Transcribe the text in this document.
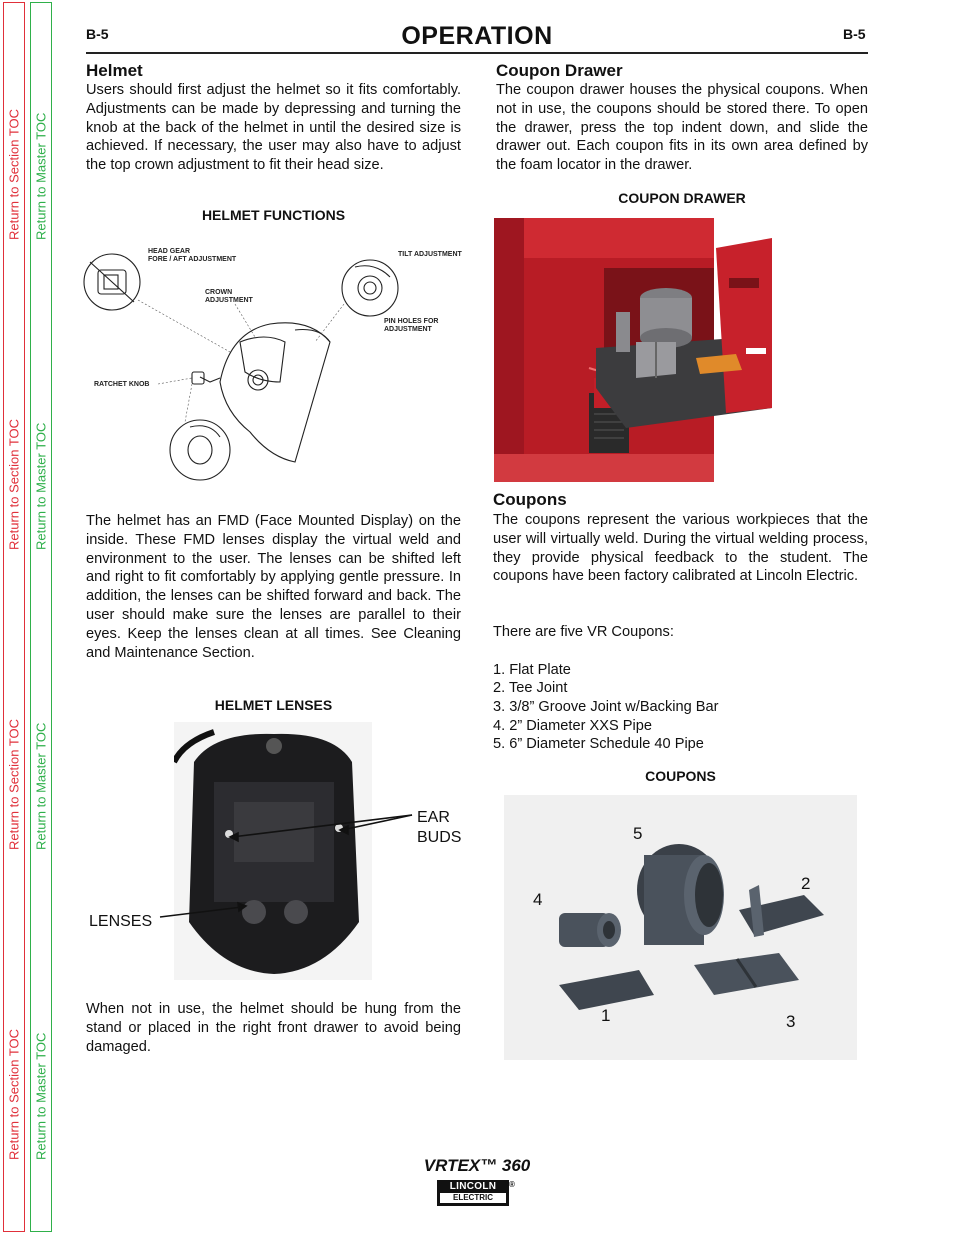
Return to Section TOC Return to Master TOC
Return to Section TOC Return to Master TOC
Return to Section TOC Return to Master TOC
Return to Section TOC Return to Master TOC
B-5	OPERATION	B-5
Helmet

Users should first adjust the helmet so it fits comfortably. Adjustments can be made by depressing and turning the knob at the back of the helmet in until the desired size is achieved. If necessary, the user may also have to adjust the top crown adjustment to fit their head size.

HELMET FUNCTIONS
HEAD GEAR
FORE / AFT ADJUSTMENT
TILT ADJUSTMENT
CROWN
ADJUSTMENT
PIN HOLES FOR
ADJUSTMENT
RATCHET KNOB

The helmet has an FMD (Face Mounted Display) on the inside. These FMD lenses display the virtual weld and environment to the user. The lenses can be shifted left and right to fit comfortably by applying gentle pressure. In addition, the lenses can be shifted forward and back. The user should make sure the lenses are parallel to their eyes. Keep the lenses clean at all times. See Cleaning and Maintenance Section.

HELMET LENSES
EAR
BUDS
LENSES

When not in use, the helmet should be hung from the stand or placed in the right front drawer to avoid being damaged.

Coupon Drawer

The coupon drawer houses the physical coupons. When not in use, the coupons should be stored there. To open the drawer, press the top indent down, and slide the drawer out. Each coupon fits in its own area defined by the foam locator in the drawer.

COUPON DRAWER
Coupons

The coupons represent the various workpieces that the user will virtually weld. During the virtual welding process, they provide physical feedback to the student. The coupons have been factory calibrated at Lincoln Electric.

There are five VR Coupons:
1. Flat Plate
2. Tee Joint
3. 3/8” Groove Joint w/Backing Bar
4. 2” Diameter XXS Pipe
5. 6” Diameter Schedule 40 Pipe
COUPONS
1
2
3
4
5
VRTEX™ 360
LINCOLN
ELECTRIC
®
